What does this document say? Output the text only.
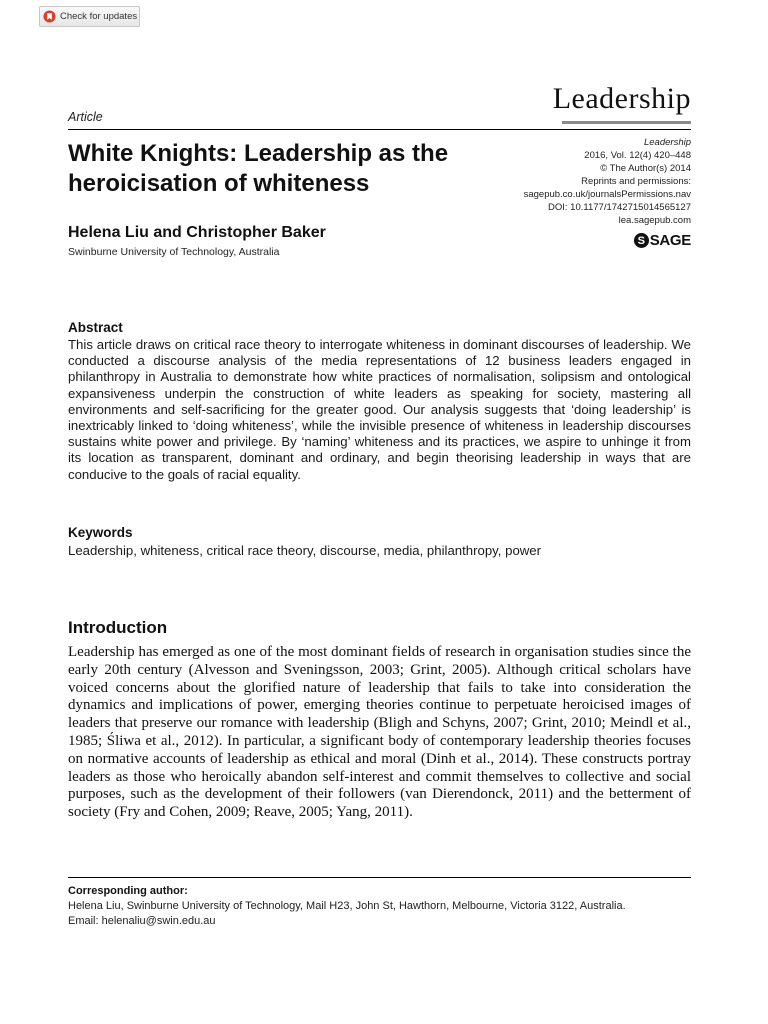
Check for updates
Article
Leadership
White Knights: Leadership as the heroicisation of whiteness
Leadership
2016, Vol. 12(4) 420–448
© The Author(s) 2014
Reprints and permissions:
sagepub.co.uk/journalsPermissions.nav
DOI: 10.1177/1742715014565127
lea.sagepub.com
S SAGE
Helena Liu and Christopher Baker
Swinburne University of Technology, Australia
Abstract
This article draws on critical race theory to interrogate whiteness in dominant discourses of leadership. We conducted a discourse analysis of the media representations of 12 business leaders engaged in philanthropy in Australia to demonstrate how white practices of normalisation, solipsism and ontological expansiveness underpin the construction of white leaders as speaking for society, mastering all environments and self-sacrificing for the greater good. Our analysis suggests that ‘doing leadership’ is inextricably linked to ‘doing whiteness’, while the invisible presence of whiteness in leadership discourses sustains white power and privilege. By ‘naming’ whiteness and its practices, we aspire to unhinge it from its location as transparent, dominant and ordinary, and begin theorising leadership in ways that are conducive to the goals of racial equality.
Keywords
Leadership, whiteness, critical race theory, discourse, media, philanthropy, power
Introduction
Leadership has emerged as one of the most dominant fields of research in organisation studies since the early 20th century (Alvesson and Sveningsson, 2003; Grint, 2005). Although critical scholars have voiced concerns about the glorified nature of leadership that fails to take into consideration the dynamics and implications of power, emerging theories continue to perpetuate heroicised images of leaders that preserve our romance with leadership (Bligh and Schyns, 2007; Grint, 2010; Meindl et al., 1985; Śliwa et al., 2012). In particular, a significant body of contemporary leadership theories focuses on normative accounts of leadership as ethical and moral (Dinh et al., 2014). These constructs portray leaders as those who heroically abandon self-interest and commit themselves to collective and social purposes, such as the development of their followers (van Dierendonck, 2011) and the betterment of society (Fry and Cohen, 2009; Reave, 2005; Yang, 2011).
Corresponding author:
Helena Liu, Swinburne University of Technology, Mail H23, John St, Hawthorn, Melbourne, Victoria 3122, Australia.
Email: helenaliu@swin.edu.au
